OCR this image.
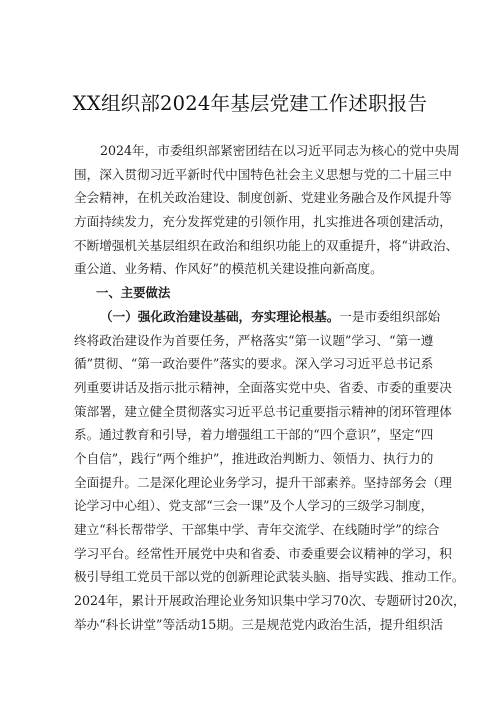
XX组织部2024年基层党建工作述职报告
2024年，市委组织部紧密团结在以习近平同志为核心的党中央周
围，深入贯彻习近平新时代中国特色社会主义思想与党的二十届三中
全会精神，在机关政治建设、制度创新、党建业务融合及作风提升等
方面持续发力，充分发挥党建的引领作用，扎实推进各项创建活动，
不断增强机关基层组织在政治和组织功能上的双重提升，将“讲政治、
重公道、业务精、作风好”的模范机关建设推向新高度。
一、主要做法
（一）强化政治建设基础，夯实理论根基。一是市委组织部始
终将政治建设作为首要任务，严格落实“第一议题”学习、“第一遵
循”贯彻、“第一政治要件”落实的要求。深入学习习近平总书记系
列重要讲话及指示批示精神，全面落实党中央、省委、市委的重要决
策部署，建立健全贯彻落实习近平总书记重要指示精神的闭环管理体
系。通过教育和引导，着力增强组工干部的“四个意识”，坚定“四
个自信”，践行“两个维护”，推进政治判断力、领悟力、执行力的
全面提升。二是深化理论业务学习，提升干部素养。坚持部务会（理
论学习中心组）、党支部“三会一课”及个人学习的三级学习制度，
建立“科长帮带学、干部集中学、青年交流学、在线随时学”的综合
学习平台。经常性开展党中央和省委、市委重要会议精神的学习，积
极引导组工党员干部以党的创新理论武装头脑、指导实践、推动工作。
2024年，累计开展政治理论业务知识集中学习70次、专题研讨20次，
举办“科长讲堂”等活动15期。三是规范党内政治生活，提升组织活
